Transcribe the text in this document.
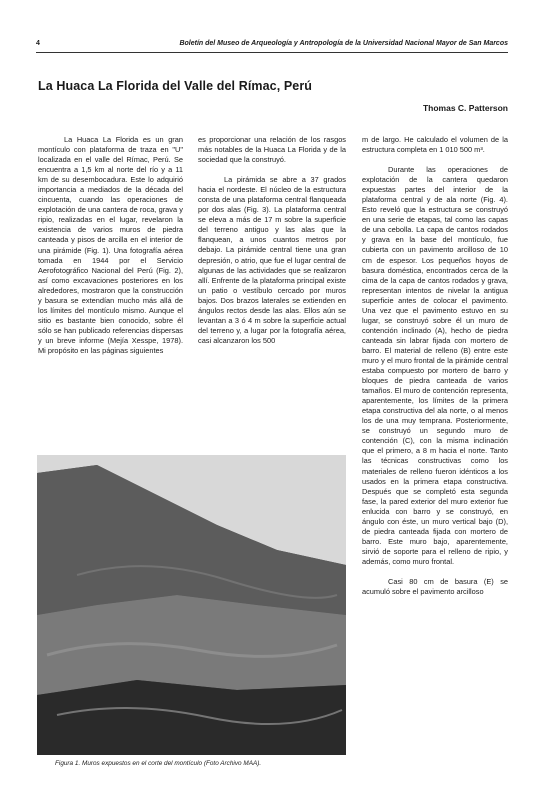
4	Boletín del Museo de Arqueología y Antropología de la Universidad Nacional Mayor de San Marcos
La Huaca La Florida del Valle del Rímac, Perú
Thomas C. Patterson

La Huaca La Florida es un gran montículo con plataforma de traza en "U" localizada en el valle del Rímac, Perú. Se encuentra a 1,5 km al norte del río y a 11 km de su desembocadura. Este lo adquirió importancia a mediados de la década del cincuenta, cuando las operaciones de explotación de una cantera de roca, grava y ripio, realizadas en el lugar, revelaron la existencia de varios muros de piedra canteada y pisos de arcilla en el interior de una pirámide (Fig. 1). Una fotografía aérea tomada en 1944 por el Servicio Aerofotográfico Nacional del Perú (Fig. 2), así como excavaciones posteriores en los alrededores, mostraron que la construcción y basura se extendían mucho más allá de los límites del montículo mismo. Aunque el sitio es bastante bien conocido, sobre él sólo se han publicado referencias dispersas y un breve informe (Mejía Xesspe, 1978). Mi propósito en las páginas siguientes

es proporcionar una relación de los rasgos más notables de la Huaca La Florida y de la sociedad que la construyó.

La pirámida se abre a 37 grados hacia el nordeste. El núcleo de la estructura consta de una plataforma central flanqueada por dos alas (Fig. 3). La plataforma central se eleva a más de 17 m sobre la superficie del terreno antiguo y las alas que la flanquean, a unos cuantos metros por debajo. La pirámide central tiene una gran depresión, o atrio, que fue el lugar central de algunas de las actividades que se realizaron allí. Enfrente de la plataforma principal existe un patio o vestíbulo cercado por muros bajos. Dos brazos laterales se extienden en ángulos rectos desde las alas. Ellos aún se levantan a 3 ó 4 m sobre la superficie actual del terreno y, a lugar por la fotografía aérea, casi alcanzaron los 500

m de largo. He calculado el volumen de la estructura completa en 1 010 500 m³.

Durante las operaciones de explotación de la cantera quedaron expuestas partes del interior de la plataforma central y de ala norte (Fig. 4). Esto reveló que la estructura se construyó en una serie de etapas, tal como las capas de una cebolla. La capa de cantos rodados y grava en la base del montículo, fue cubierta con un pavimento arcilloso de 10 cm de espesor. Los pequeños hoyos de basura doméstica, encontrados cerca de la cima de la capa de cantos rodados y grava, representan intentos de nivelar la antigua superficie antes de colocar el pavimento. Una vez que el pavimento estuvo en su lugar, se construyó sobre él un muro de contención inclinado (A), hecho de piedra canteada sin labrar fijada con mortero de barro. El material de relleno (B) entre este muro y el muro frontal de la pirámide central estaba compuesto por mortero de barro y bloques de piedra canteada de varios tamaños. El muro de contención representa, aparentemente, los límites de la primera etapa constructiva del ala norte, o al menos los de una muy temprana. Posteriormente, se construyó un segundo muro de contención (C), con la misma inclinación que el primero, a 8 m hacia el norte. Tanto las técnicas constructivas como los materiales de relleno fueron idénticos a los usados en la primera etapa constructiva. Después que se completó esta segunda fase, la pared exterior del muro exterior fue enlucida con barro y se construyó, en ángulo con éste, un muro vertical bajo (D), de piedra canteada fijada con mortero de barro. Este muro bajo, aparentemente, sirvió de soporte para el relleno de ripio, y además, como muro frontal.

Casi 80 cm de basura (E) se acumuló sobre el pavimento arcilloso

Figura 1. Muros expuestos en el corte del montículo (Foto Archivo MAA).
